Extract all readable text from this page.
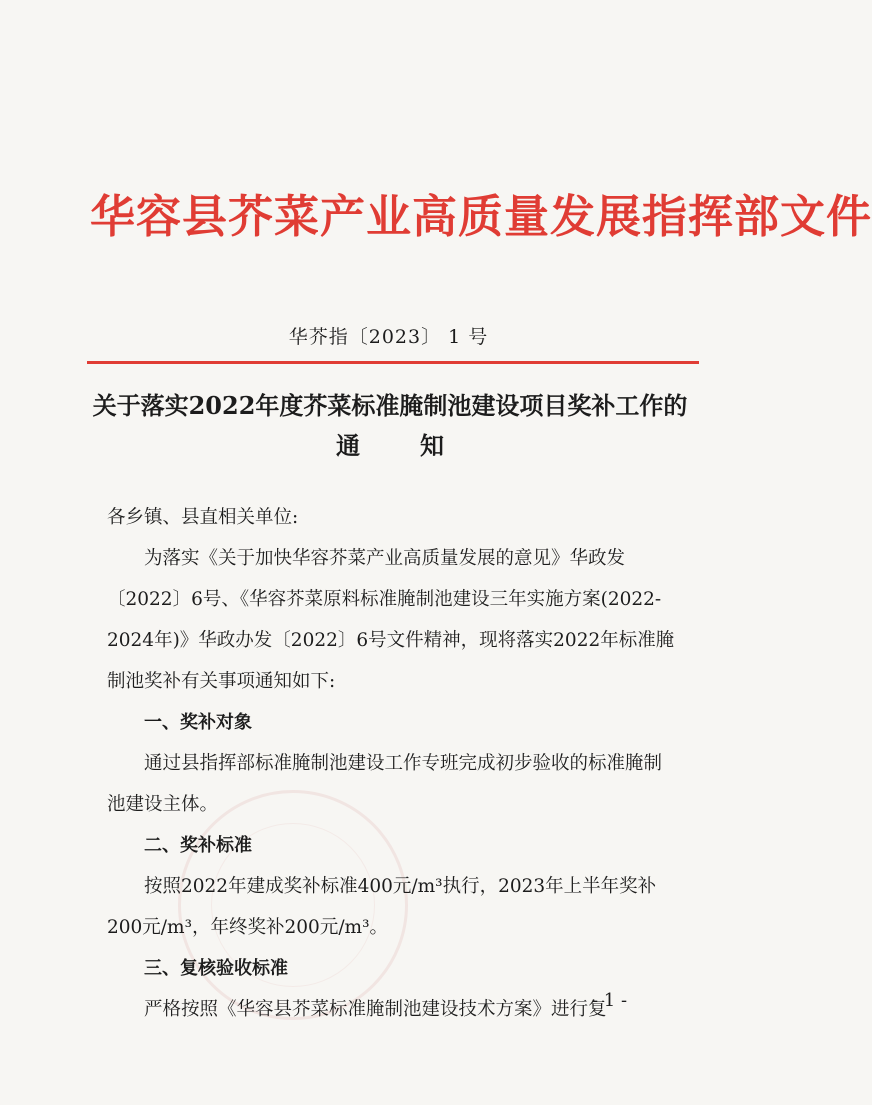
华容县芥菜产业高质量发展指挥部文件
华芥指〔2023〕 1 号
关于落实2022年度芥菜标准腌制池建设项目奖补工作的
通知

各乡镇、县直相关单位:

为落实《关于加快华容芥菜产业高质量发展的意见》华政发〔2022〕6号、《华容芥菜原料标准腌制池建设三年实施方案(2022-2024年)》华政办发〔2022〕6号文件精神，现将落实2022年标准腌制池奖补有关事项通知如下:

一、奖补对象

通过县指挥部标准腌制池建设工作专班完成初步验收的标准腌制池建设主体。

二、奖补标准

按照2022年建成奖补标准400元/m³执行，2023年上半年奖补200元/m³，年终奖补200元/m³。

三、复核验收标准

严格按照《华容县芥菜标准腌制池建设技术方案》进行复

- 1 -
